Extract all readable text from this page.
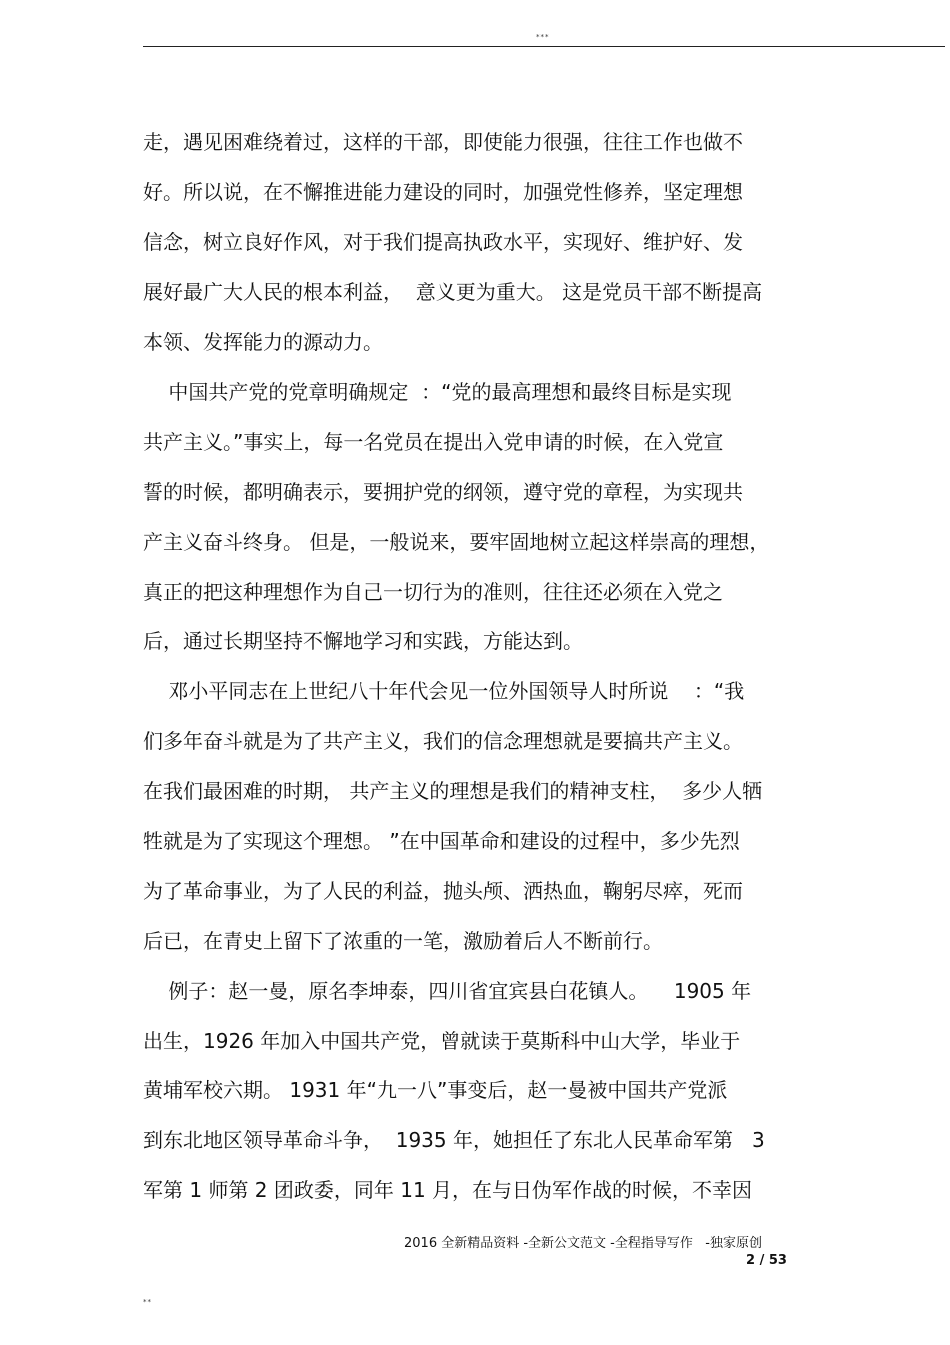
***
走，遇见困难绕着过，这样的干部，即使能力很强，往往工作也做不
好。所以说，在不懈推进能力建设的同时，加强党性修养，坚定理想
信念，树立良好作风，对于我们提高执政水平，实现好、维护好、发
展好最广大人民的根本利益，  意义更为重大。 这是党员干部不断提高
本领、发挥能力的源动力。
中国共产党的党章明确规定  ：“党的最高理想和最终目标是实现
共产主义。”事实上，每一名党员在提出入党申请的时候，在入党宣
誓的时候，都明确表示，要拥护党的纲领，遵守党的章程，为实现共
产主义奋斗终身。 但是，一般说来，要牢固地树立起这样崇高的理想，
真正的把这种理想作为自己一切行为的准则，往往还必须在入党之
后，通过长期坚持不懈地学习和实践，方能达到。
邓小平同志在上世纪八十年代会见一位外国领导人时所说    ：“我
们多年奋斗就是为了共产主义，我们的信念理想就是要搞共产主义。
在我们最困难的时期， 共产主义的理想是我们的精神支柱，  多少人牺
牲就是为了实现这个理想。 ”在中国革命和建设的过程中，多少先烈
为了革命事业，为了人民的利益，抛头颅、洒热血，鞠躬尽瘁，死而
后已，在青史上留下了浓重的一笔，激励着后人不断前行。
例子：赵一曼，原名李坤泰，四川省宜宾县白花镇人。    1905 年
出生，1926 年加入中国共产党，曾就读于莫斯科中山大学，毕业于
黄埔军校六期。 1931 年“九一八”事变后，赵一曼被中国共产党派
到东北地区领导革命斗争，  1935 年，她担任了东北人民革命军第   3
军第 1 师第 2 团政委，同年 11 月，在与日伪军作战的时候，不幸因
2016 全新精品资料 -全新公文范文 -全程指导写作   -独家原创
2 / 53
**
